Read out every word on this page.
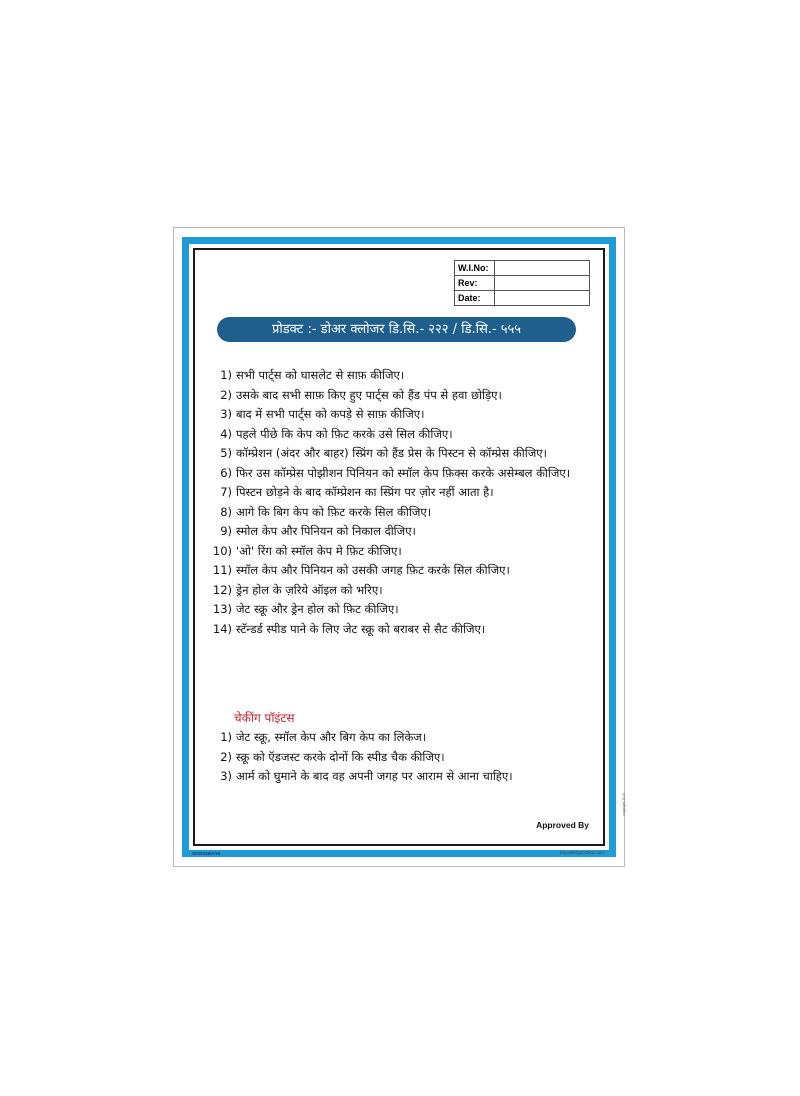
W.I.No:	
Rev:	
Date:	
प्रोडक्ट :- डोअर क्लोजर डि.सि.- २२२ / डि.सि.- ५५५
1) सभी पार्ट्स को घासलेट से साफ़ कीजिए।
2) उसके बाद सभी साफ़ किए हुए पार्ट्स को हैंड पंप से हवा छोड़िए।
3) बाद में सभी पार्ट्स को कपड़े से साफ़ कीजिए।
4) पहले पीछे कि केप को फ़िट करके उसे सिल कीजिए।
5) कॉम्प्रेशन (अंदर और बाहर) स्प्रिंग को हैंड प्रेस के पिस्टन से कॉम्प्रेस कीजिए।
6) फिर उस कॉम्प्रेस पोझीशन पिनियन को स्मॉल केप फ़िक्स करके असेम्बल कीजिए।
7) पिस्टन छोड़ने के बाद कॉम्प्रेशन का स्प्रिंग पर ज़ोर नहीं आता है।
8) आगे कि बिग केप को फ़िट करके सिल कीजिए।
9) स्मोल केप और पिनियन को निकाल दीजिए।
10) 'ओ' रिंग को स्मॉल केप मे फ़िट कीजिए।
11) स्मॉल केप और पिनियन को उसकी जगह फ़िट करके सिल कीजिए।
12) ड्रेन होल के ज़रिये ऑइल को भरिए।
13) जेट स्क्रू और ड्रेन होल को फ़िट कीजिए।
14) स्टॅन्डर्ड स्पीड पाने के लिए जेट स्क्रू को बराबर से सैट कीजिए।
चेकींग पॉइंटस
1) जेट स्क्रू, स्मॉल केप और बिग केप का लिकेज।
2) स्क्रू को ऍडजस्ट करके दोनों कि स्पीड चैक कीजिए।
3) आर्म को घुमाने के बाद वह अपनी जगह पर आराम से आना चाहिए।
Approved By
WI00036/A/HI	buysafetyposters.com
copyright 2018
